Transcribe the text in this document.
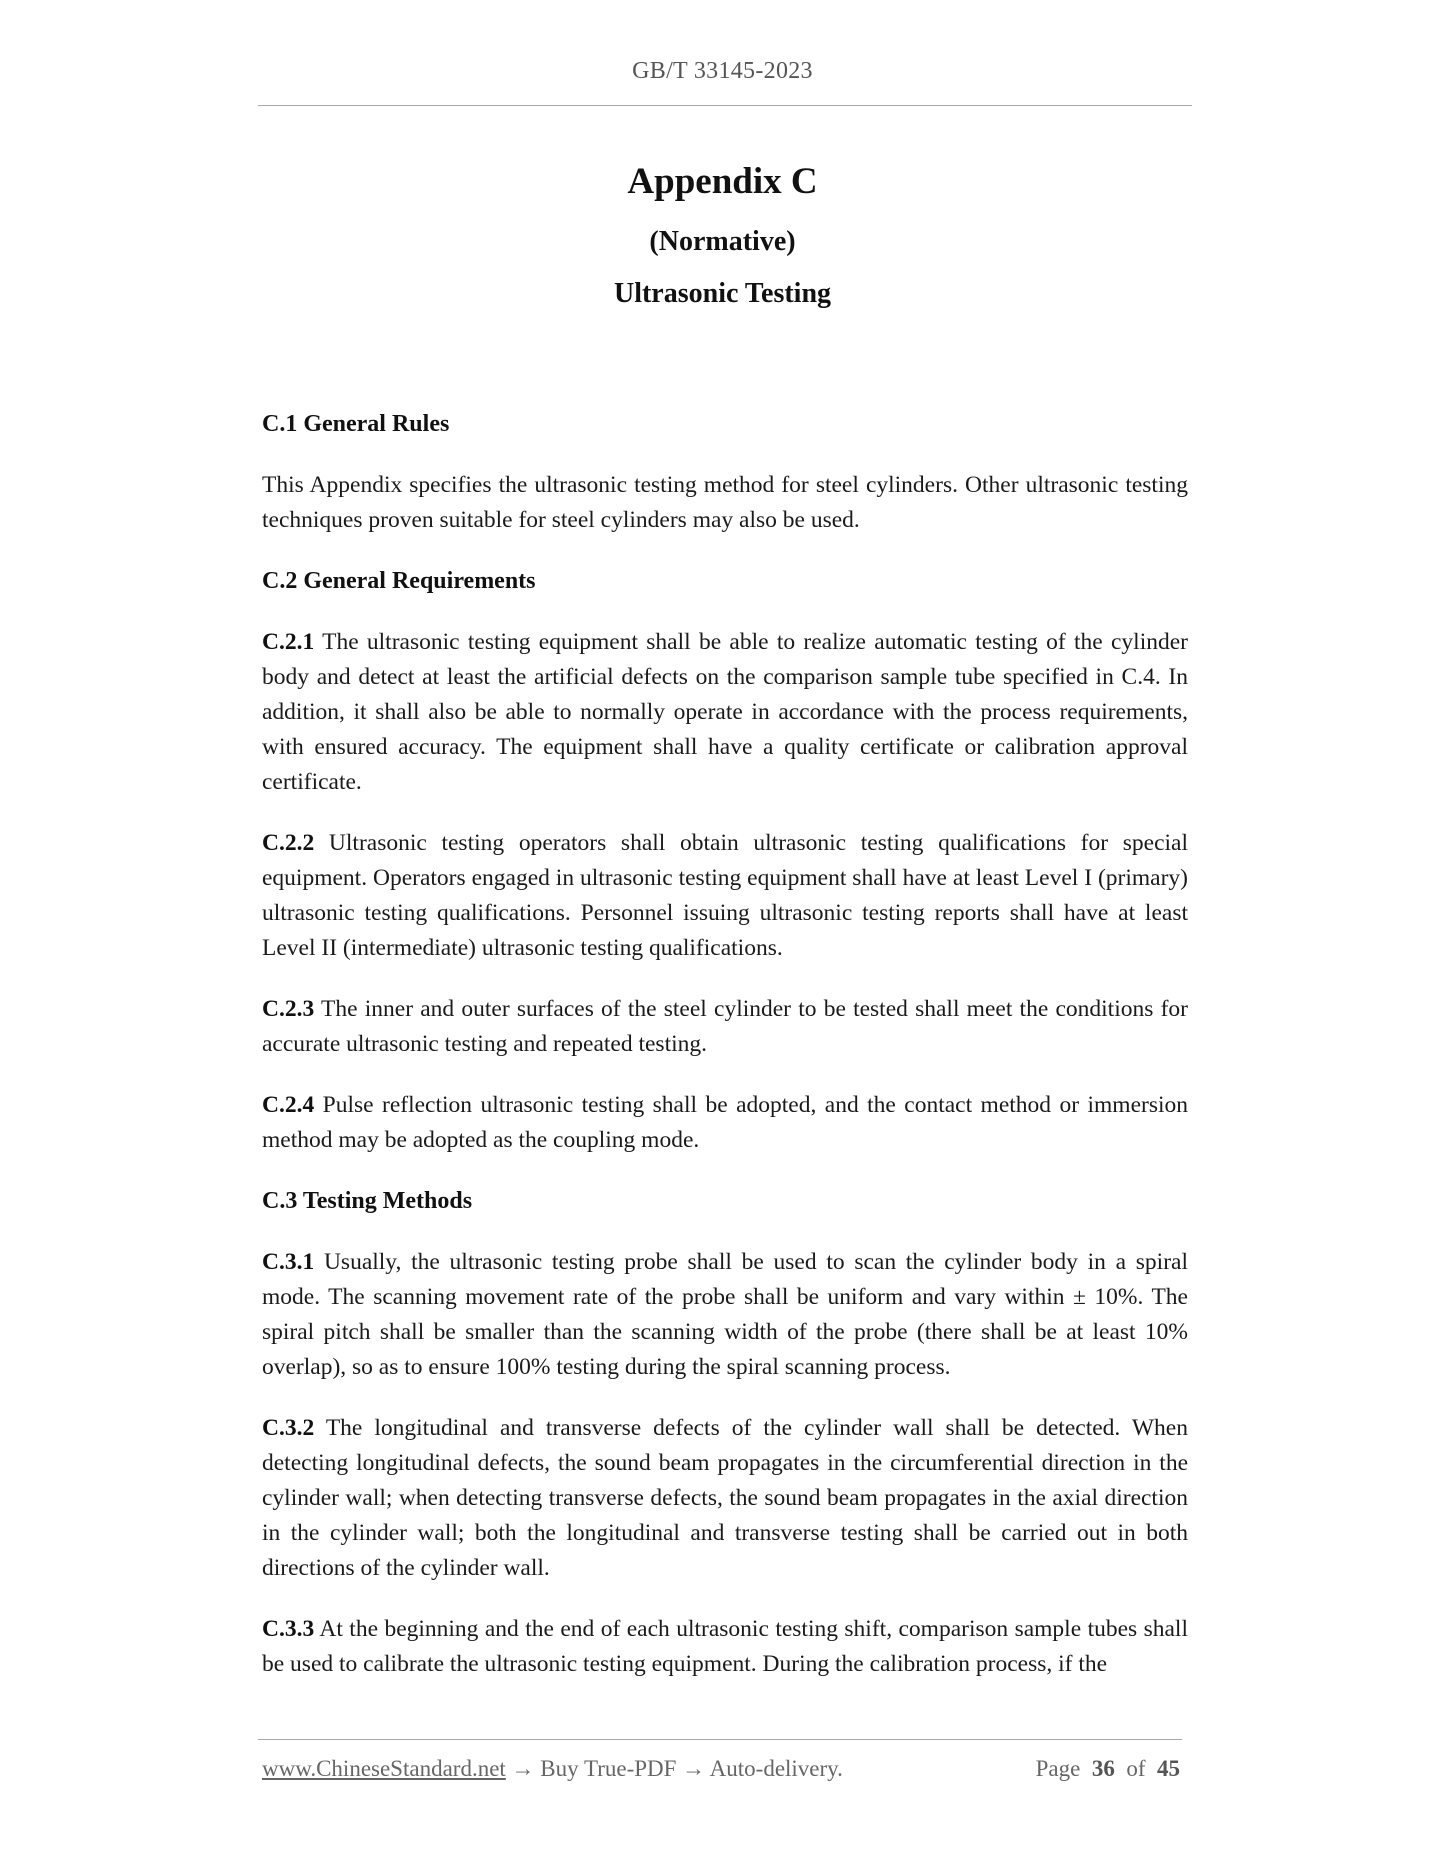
GB/T 33145-2023
Appendix C
(Normative)
Ultrasonic Testing
C.1 General Rules

This Appendix specifies the ultrasonic testing method for steel cylinders. Other ultrasonic testing techniques proven suitable for steel cylinders may also be used.

C.2 General Requirements

C.2.1 The ultrasonic testing equipment shall be able to realize automatic testing of the cylinder body and detect at least the artificial defects on the comparison sample tube specified in C.4. In addition, it shall also be able to normally operate in accordance with the process requirements, with ensured accuracy. The equipment shall have a quality certificate or calibration approval certificate.

C.2.2 Ultrasonic testing operators shall obtain ultrasonic testing qualifications for special equipment. Operators engaged in ultrasonic testing equipment shall have at least Level I (primary) ultrasonic testing qualifications. Personnel issuing ultrasonic testing reports shall have at least Level II (intermediate) ultrasonic testing qualifications.

C.2.3 The inner and outer surfaces of the steel cylinder to be tested shall meet the conditions for accurate ultrasonic testing and repeated testing.

C.2.4 Pulse reflection ultrasonic testing shall be adopted, and the contact method or immersion method may be adopted as the coupling mode.

C.3 Testing Methods

C.3.1 Usually, the ultrasonic testing probe shall be used to scan the cylinder body in a spiral mode. The scanning movement rate of the probe shall be uniform and vary within ± 10%. The spiral pitch shall be smaller than the scanning width of the probe (there shall be at least 10% overlap), so as to ensure 100% testing during the spiral scanning process.

C.3.2 The longitudinal and transverse defects of the cylinder wall shall be detected. When detecting longitudinal defects, the sound beam propagates in the circumferential direction in the cylinder wall; when detecting transverse defects, the sound beam propagates in the axial direction in the cylinder wall; both the longitudinal and transverse testing shall be carried out in both directions of the cylinder wall.

C.3.3 At the beginning and the end of each ultrasonic testing shift, comparison sample tubes shall be used to calibrate the ultrasonic testing equipment. During the calibration process, if the

www.ChineseStandard.net → Buy True-PDF → Auto-delivery.	Page 36 of 45
